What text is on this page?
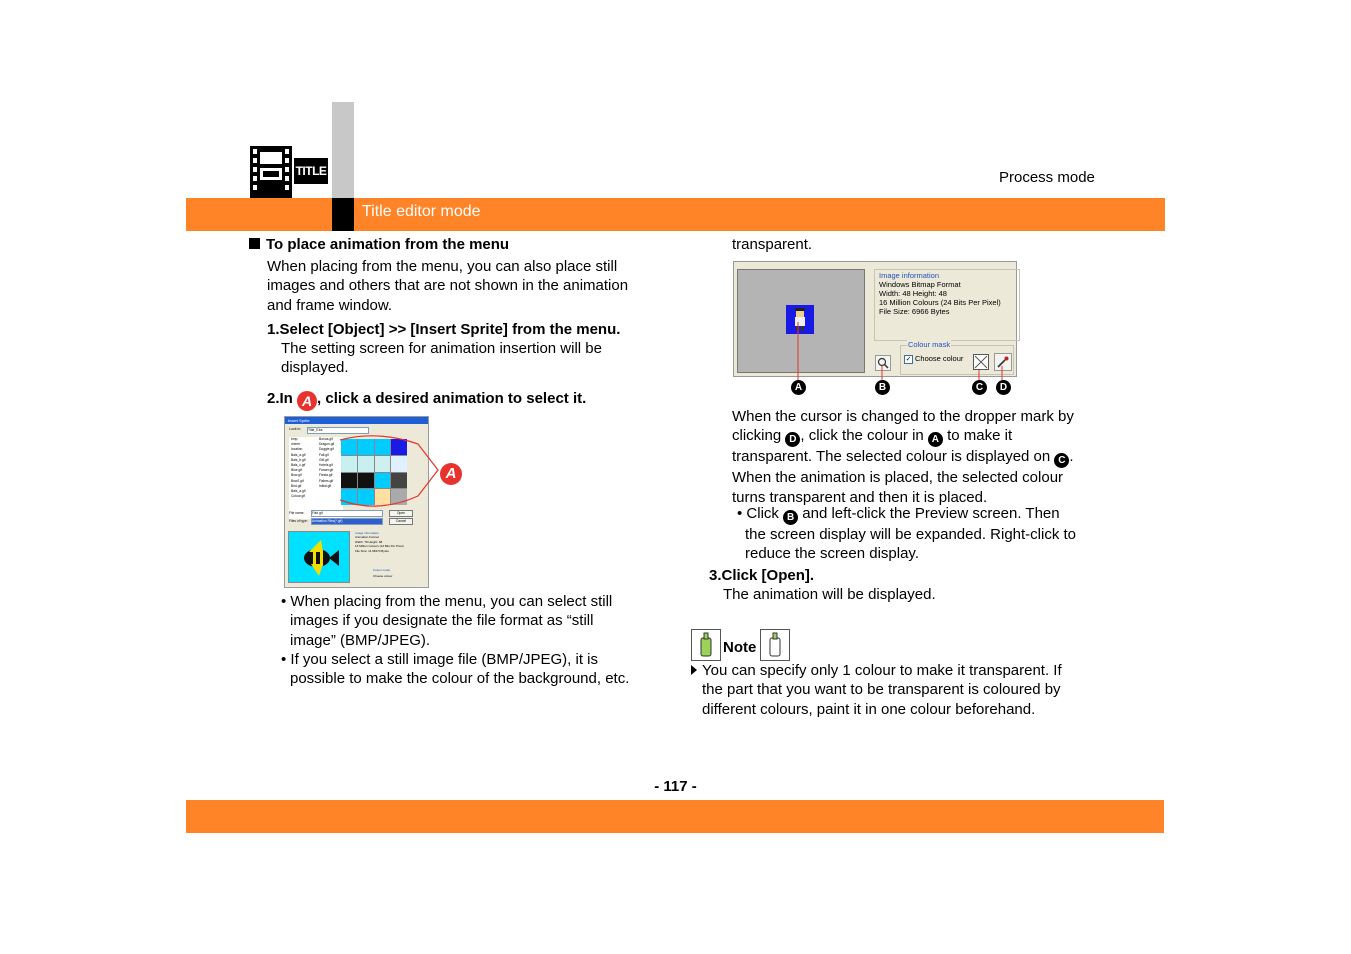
TITLE	Process mode
Title editor mode
To place animation from the menu
When placing from the menu, you can also place still
images and others that are not shown in the animation
and frame window.
1.Select [Object] >> [Insert Sprite] from the menu.
The setting screen for animation insertion will be
displayed.
2.In A , click a desired animation to select it.
Insert Sprite
Look in: Title_Ebs
bmp
cheerr
location
Bals_a.gif
Bals_b.gif
Bals_c.gif
Blue.gif
Bnw.gif
Bnw2.gif
Bird.gif
Bals_a.gif
Colour.gif
Bonus.gif
Dragon.gif
Doggie.gif
Fall.gif
Gift.gif
Hotels.gif
Flower.gif
Fiesta.gif
Fishes.gif
Initial.gif
File name:	Fish.gif	Open
Files of type:	Animation Files(*.gif)	Cancel
Image information
Animation Format
Width: 78 Height: 68
16 Million Colours (24 Bits Per Pixel)
File Size: 11.08470 Bytes
Colour mask
Choose colour
A
• When placing from the menu, you can select still
images if you designate the file format as “still
image” (BMP/JPEG).
• If you select a still image file (BMP/JPEG), it is
possible to make the colour of the background, etc.
transparent.
Image information
Windows Bitmap Format
Width: 48 Height: 48
16 Million Colours (24 Bits Per Pixel)
File Size: 6966 Bytes
Colour mask
✓ Choose colour
A	B	C	D
When the cursor is changed to the dropper mark by
clicking D , click the colour in A to make it
transparent. The selected colour is displayed on C .
When the animation is placed, the selected colour
turns transparent and then it is placed.
• Click B and left-click the Preview screen. Then
the screen display will be expanded. Right-click to
reduce the screen display.
3.Click [Open].
The animation will be displayed.
Note
You can specify only 1 colour to make it transparent. If
the part that you want to be transparent is coloured by
different colours, paint it in one colour beforehand.
- 117 -
